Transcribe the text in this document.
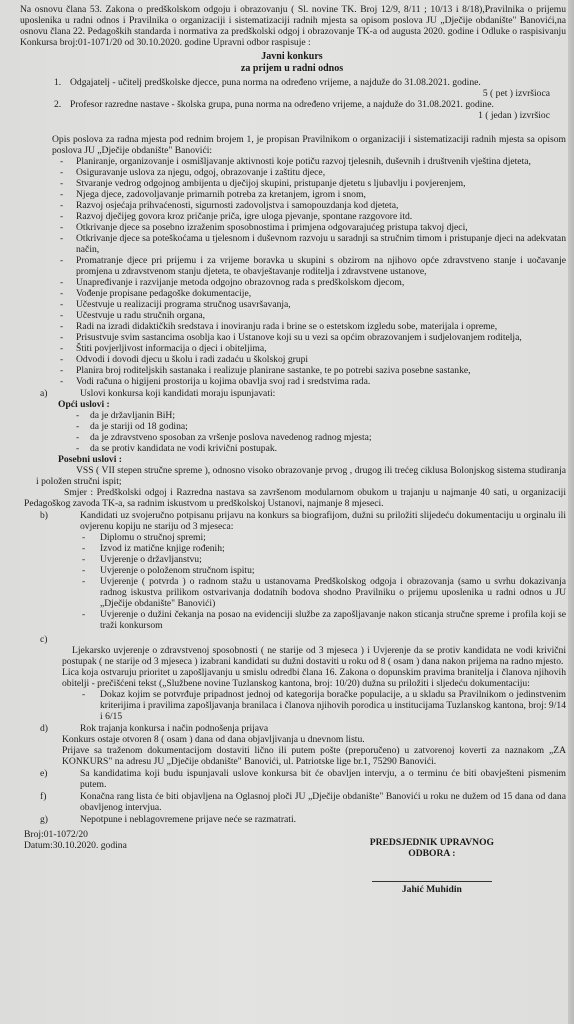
Na osnovu člana 53. Zakona o predškolskom odgoju i obrazovanju ( Sl. novine TK. Broj 12/9, 8/11 ; 10/13 i 8/18),Pravilnika o prijemu uposlenika u radni odnos i Pravilnika o organizaciji i sistematizaciji radnih mjesta sa opisom poslova JU „Dječije obdanište" Banovići,na osnovu člana 22. Pedagoških standarda i normativa za predškolski odgoj i obrazovanje TK-a od augusta 2020. godine i Odluke o raspisivanju Konkursa broj:01-1071/20 od 30.10.2020. godine Upravni odbor raspisuje :

Javni konkurs
za prijem u radni odnos
1. Odgajatelj - učitelj predškolske djecce, puna norma na određeno vrijeme, a najduže do 31.08.2021. godine.
5 ( pet ) izvršioca
2. Profesor razredne nastave - školska grupa, puna norma na određeno vrijeme, a najduže do 31.08.2021. godine.
1 ( jedan ) izvršioc

Opis poslova za radna mjesta pod rednim brojem 1, je propisan Pravilnikom o organizaciji i sistematizaciji radnih mjesta sa opisom poslova JU „Dječije obdanište" Banovići:

- Planiranje, organizovanje i osmišljavanje aktivnosti koje potiču razvoj tjelesnih, duševnih i društvenih vještina djeteta,
- Osiguravanje uslova za njegu, odgoj, obrazovanje i zaštitu djece,
- Stvaranje vedrog odgojnog ambijenta u dječijoj skupini, pristupanje djetetu s ljubavlju i povjerenjem,
- Njega djece, zadovoljavanje primarnih potreba za kretanjem, igrom i snom,
- Razvoj osjećaja prihvaćenosti, sigurnosti zadovoljstva i samopouzdanja kod djeteta,
- Razvoj dječijeg govora kroz pričanje priča, igre uloga pjevanje, spontane razgovore itd.
- Otkrivanje djece sa posebno izraženim sposobnostima i primjena odgovarajućeg pristupa takvoj djeci,
- Otkrivanje djece sa poteškoćama u tjelesnom i duševnom razvoju u saradnji sa stručnim timom i pristupanje djeci na adekvatan način,
- Promatranje djece pri prijemu i za vrijeme boravka u skupini s obzirom na njihovo opće zdravstveno stanje i uočavanje promjena u zdravstvenom stanju djeteta, te obavještavanje roditelja i zdravstvene ustanove,
- Unapređivanje i razvijanje metoda odgojno obrazovnog rada s predškolskom djecom,
- Vođenje propisane pedagoške dokumentacije,
- Učestvuje u realizaciji programa stručnog usavršavanja,
- Učestvuje u radu stručnih organa,
- Radi na izradi didaktičkih sredstava i inoviranju rada i brine se o estetskom izgledu sobe, materijala i opreme,
- Prisustvuje svim sastancima osoblja kao i Ustanove koji su u vezi sa općim obrazovanjem i sudjelovanjem roditelja,
- Štiti povjerljivost informacija o djeci i obiteljima,
- Odvodi i dovodi djecu u školu i radi zadaću u školskoj grupi
- Planira broj roditeljskih sastanaka i realizuje planirane sastanke, te po potrebi saziva posebne sastanke,
- Vodi računa o higijeni prostorija u kojima obavlja svoj rad i sredstvima rada.
a)	Uslovi konkursa koji kandidati moraju ispunjavati:
Opći uslovi :
- da je državljanin BiH;
- da je stariji od 18 godina;
- da je zdravstveno sposoban za vršenje poslova navedenog radnog mjesta;
- da se protiv kandidata ne vodi krivični postupak.
Posebni uslovi :

VSS ( VII stepen stručne spreme ), odnosno visoko obrazovanje prvog , drugog ili trećeg ciklusa Bolonjskog sistema studiranja i položen stručni ispit;

Smjer : Predškolski odgoj i Razredna nastava sa završenom modularnom obukom u trajanju u najmanje 40 sati, u organizaciji Pedagoškog zavoda TK-a, sa radnim iskustvom u predškolskoj Ustanovi, najmanje 8 mjeseci.

b)	Kandidati uz svojeručno potpisanu prijavu na konkurs sa biografijom, dužni su priložiti slijedeću dokumentaciju u orginalu ili ovjerenu kopiju ne stariju od 3 mjeseca:
- Diplomu o stručnoj spremi;
- Izvod iz matične knjige rođenih;
- Uvjerenje o državljanstvu;
- Uvjerenje o položenom stručnom ispitu;
- Uvjerenje ( potvrda ) o radnom stažu u ustanovama Predškolskog odgoja i obrazovanja (samo u svrhu dokazivanja radnog iskustva prilikom ostvarivanja dodatnih bodova shodno Pravilniku o prijemu uposlenika u radni odnos u JU „Dječije obdanište" Banovići)
- Uvjerenje o dužini čekanja na posao na evidenciji službe za zapošljavanje nakon sticanja stručne spreme i profila koji se traži konkursom
c)

Ljekarsko uvjerenje o zdravstvenoj sposobnosti ( ne starije od 3 mjeseca ) i Uvjerenje da se protiv kandidata ne vodi krivični postupak ( ne starije od 3 mjeseca ) izabrani kandidati su dužni dostaviti u roku od 8 ( osam ) dana nakon prijema na radno mjesto.

Lica koja ostvaruju prioritet u zapošljavanju u smislu odredbi člana 16. Zakona o dopunskim pravima branitelja i članova njihovih obitelji - prečišćeni tekst („Službene novine Tuzlanskog kantona, broj: 10/20) dužna su priložiti i sljedeću dokumentaciju:

- Dokaz kojim se potvrđuje pripadnost jednoj od kategorija boračke populacije, a u skladu sa Pravilnikom o jedinstvenim kriterijima i pravilima zapošljavanja branilaca i članova njihovih porodica u institucijama Tuzlanskog kantona, broj: 9/14 i 6/15
d)	Rok trajanja konkursa i način podnošenja prijava

Konkurs ostaje otvoren 8 ( osam ) dana od dana objavljivanja u dnevnom listu.

Prijave sa traženom dokumentacijom dostaviti lično ili putem pošte (preporučeno) u zatvorenoj koverti za naznakom „ZA KONKURS" na adresu JU „Dječije obdanište" Banovići, ul. Patriotske lige br.1, 75290 Banovići.

e)	Sa kandidatima koji budu ispunjavali uslove konkursa bit će obavljen intervju, a o terminu će biti obavješteni pismenim putem.
f)	Konačna rang lista će biti objavljena na Oglasnoj ploči JU „Dječije obdanište" Banovići u roku ne dužem od 15 dana od dana obavljenog intervjua.
g)	Nepotpune i neblagovremene prijave neće se razmatrati.
Broj:01-1072/20
Datum:30.10.2020. godina	PREDSJEDNIK UPRAVNOG
ODBORA :
Jahić Muhidin
